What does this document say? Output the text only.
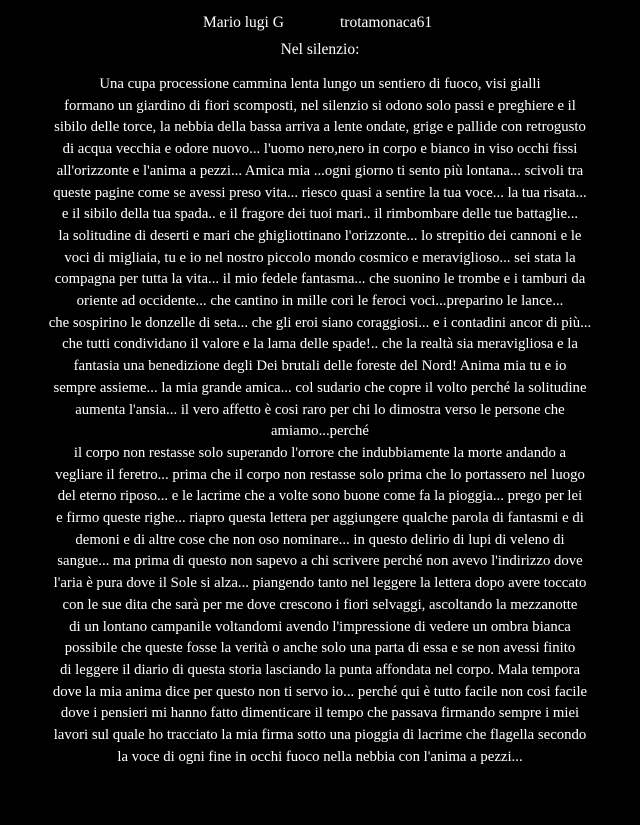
Mario lugi G	trotamonaca61
Nel silenzio:
Una cupa processione cammina lenta lungo un sentiero di fuoco, visi gialli
formano un giardino di fiori scomposti, nel silenzio si odono solo passi e preghiere e il
sibilo delle torce, la nebbia della bassa arriva a lente ondate, grige e pallide con retrogusto
di acqua vecchia e odore nuovo... l'uomo nero,nero in corpo e bianco in viso occhi fissi
all'orizzonte e l'anima a pezzi... Amica mia ...ogni giorno ti sento più lontana... scivoli tra
queste pagine come se avessi preso vita... riesco quasi a sentire la tua voce... la tua risata...
e il sibilo della tua spada.. e il fragore dei tuoi mari.. il rimbombare delle tue battaglie...
la solitudine di deserti e mari che ghigliottinano l'orizzonte... lo strepitio dei cannoni e le
voci di migliaia, tu e io nel nostro piccolo mondo cosmico e meraviglioso... sei stata la
compagna per tutta la vita... il mio fedele fantasma... che suonino le trombe e i tamburi da
oriente ad occidente... che cantino in mille cori le feroci voci...preparino le lance...
che sospirino le donzelle di seta... che gli eroi siano coraggiosi... e i contadini ancor di più...
che tutti condividano il valore e la lama delle spade!.. che la realtà sia meravigliosa e la
fantasia una benedizione degli Dei brutali delle foreste del Nord! Anima mia tu e io
sempre assieme... la mia grande amica... col sudario che copre il volto perché la solitudine
aumenta l'ansia... il vero affetto è cosi raro per chi lo dimostra verso le persone che
amiamo...perché
il corpo non restasse solo superando l'orrore che indubbiamente la morte andando a
vegliare il feretro... prima che il corpo non restasse solo prima che lo portassero nel luogo
del eterno riposo... e le lacrime che a volte sono buone come fa la pioggia... prego per lei
e firmo queste righe... riapro questa lettera per aggiungere qualche parola di fantasmi e di
demoni e di altre cose che non oso nominare... in questo delirio di lupi di veleno di
sangue... ma prima di questo non sapevo a chi scrivere perché non avevo l'indirizzo dove
l'aria è pura dove il Sole si alza... piangendo tanto nel leggere la lettera dopo avere toccato
con le sue dita che sarà per me dove crescono i fiori selvaggi, ascoltando la mezzanotte
di un lontano campanile voltandomi avendo l'impressione di vedere un ombra bianca
possibile che queste fosse la verità o anche solo una parta di essa e se non avessi finito
di leggere il diario di questa storia lasciando la punta affondata nel corpo. Mala tempora
dove la mia anima dice per questo non ti servo io... perché qui è tutto facile non cosi facile
dove i pensieri mi hanno fatto dimenticare il tempo che passava firmando sempre i miei
lavori sul quale ho tracciato la mia firma sotto una pioggia di lacrime che flagella secondo
la voce di ogni fine in occhi fuoco nella nebbia con l'anima a pezzi...
